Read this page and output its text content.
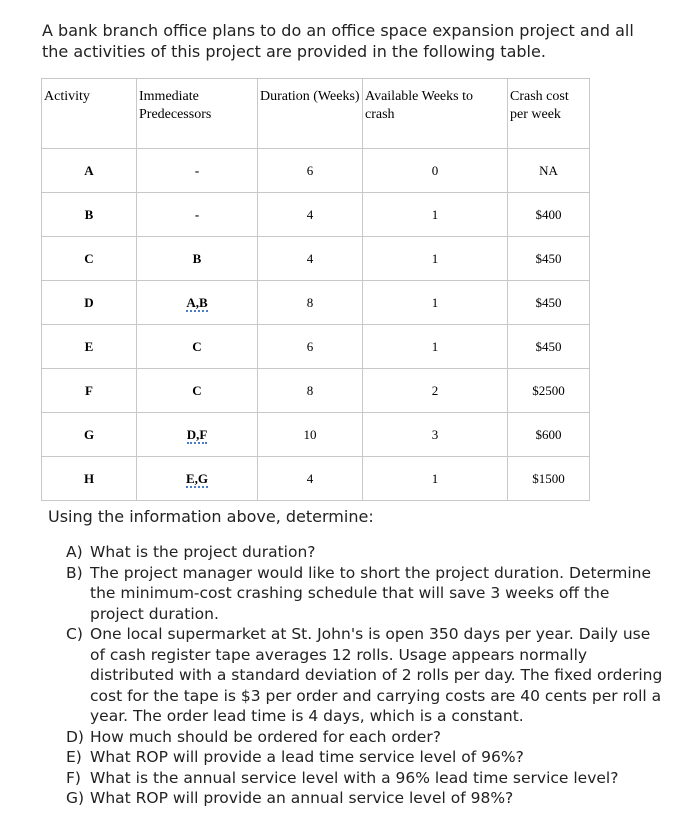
A bank branch office plans to do an office space expansion project and all the activities of this project are provided in the following table.
Activity	Immediate Predecessors	Duration (Weeks)	Available Weeks to crash	Crash cost per week
A	-	6	0	NA
B	-	4	1	$400
C	B	4	1	$450
D	A,B	8	1	$450
E	C	6	1	$450
F	C	8	2	$2500
G	D,F	10	3	$600
H	E,G	4	1	$1500
Using the information above, determine:
A) What is the project duration?
B) The project manager would like to short the project duration. Determine the minimum-cost crashing schedule that will save 3 weeks off the project duration.
C) One local supermarket at St. John's is open 350 days per year. Daily use of cash register tape averages 12 rolls. Usage appears normally distributed with a standard deviation of 2 rolls per day. The fixed ordering cost for the tape is $3 per order and carrying costs are 40 cents per roll a year. The order lead time is 4 days, which is a constant.
D) How much should be ordered for each order?
E) What ROP will provide a lead time service level of 96%?
F) What is the annual service level with a 96% lead time service level?
G) What ROP will provide an annual service level of 98%?
